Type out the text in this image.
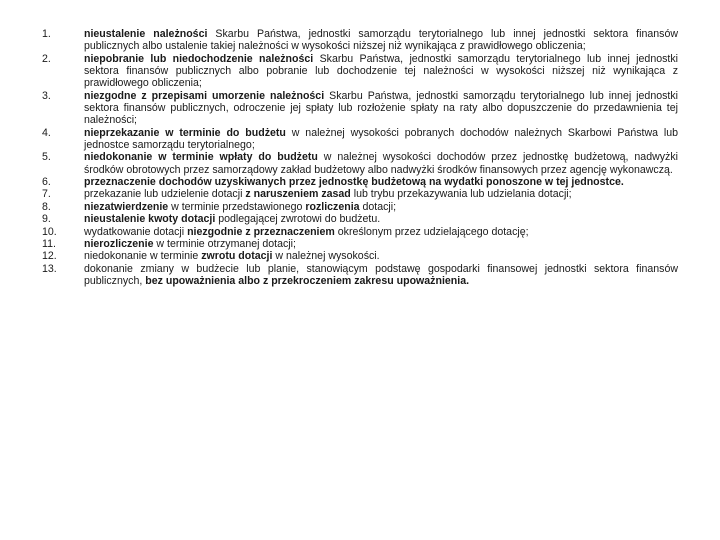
1.	nieustalenie należności Skarbu Państwa, jednostki samorządu terytorialnego lub innej jednostki sektora finansów publicznych albo ustalenie takiej należności w wysokości niższej niż wynikająca z prawidłowego obliczenia;
2.	niepobranie lub niedochodzenie należności Skarbu Państwa, jednostki samorządu terytorialnego lub innej jednostki sektora finansów publicznych albo pobranie lub dochodzenie tej należności w wysokości niższej niż wynikająca z prawidłowego obliczenia;
3.	niezgodne z przepisami umorzenie należności Skarbu Państwa, jednostki samorządu terytorialnego lub innej jednostki sektora finansów publicznych, odroczenie jej spłaty lub rozłożenie spłaty na raty albo dopuszczenie do przedawnienia tej należności;
4.	nieprzekazanie w terminie do budżetu w należnej wysokości pobranych dochodów należnych Skarbowi Państwa lub jednostce samorządu terytorialnego;
5.	niedokonanie w terminie wpłaty do budżetu w należnej wysokości dochodów przez jednostkę budżetową, nadwyżki środków obrotowych przez samorządowy zakład budżetowy albo nadwyżki środków finansowych przez agencję wykonawczą.
6.	przeznaczenie dochodów uzyskiwanych przez jednostkę budżetową na wydatki ponoszone w tej jednostce.
7.	przekazanie lub udzielenie dotacji z naruszeniem zasad lub trybu przekazywania lub udzielania dotacji;
8.	niezatwierdzenie w terminie przedstawionego rozliczenia dotacji;
9.	nieustalenie kwoty dotacji podlegającej zwrotowi do budżetu.
10.	wydatkowanie dotacji niezgodnie z przeznaczeniem określonym przez udzielającego dotację;
11.	nierozliczenie w terminie otrzymanej dotacji;
12.	niedokonanie w terminie zwrotu dotacji w należnej wysokości.
13.	dokonanie zmiany w budżecie lub planie, stanowiącym podstawę gospodarki finansowej jednostki sektora finansów publicznych, bez upoważnienia albo z przekroczeniem zakresu upoważnienia.
